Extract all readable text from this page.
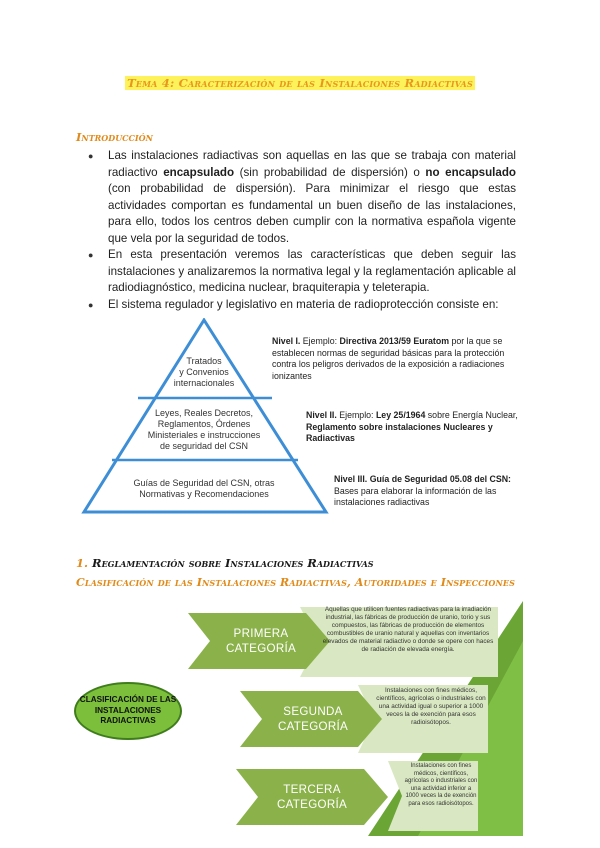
Tema 4: Caracterización de las Instalaciones Radiactivas
Introducción
● Las instalaciones radiactivas son aquellas en las que se trabaja con material radiactivo encapsulado (sin probabilidad de dispersión) o no encapsulado (con probabilidad de dispersión). Para minimizar el riesgo que estas actividades comportan es fundamental un buen diseño de las instalaciones, para ello, todos los centros deben cumplir con la normativa española vigente que vela por la seguridad de todos.
● En esta presentación veremos las características que deben seguir las instalaciones y analizaremos la normativa legal y la reglamentación aplicable al radiodiagnóstico, medicina nuclear, braquiterapia y teleterapia.
● El sistema regulador y legislativo en materia de radioprotección consiste en:
Tratados
y Convenios
internacionales
Leyes, Reales Decretos,
Reglamentos, Órdenes
Ministeriales e instrucciones
de seguridad del CSN
Guías de Seguridad del CSN, otras
Normativas y Recomendaciones
Nivel I. Ejemplo: Directiva 2013/59 Euratom por la que se establecen normas de seguridad básicas para la protección contra los peligros derivados de la exposición a radiaciones ionizantes
Nivel II. Ejemplo: Ley 25/1964 sobre Energía Nuclear, Reglamento sobre instalaciones Nucleares y Radiactivas
Nivel III. Guía de Seguridad 05.08 del CSN: Bases para elaborar la información de las instalaciones radiactivas
1. Reglamentación sobre Instalaciones Radiactivas
Clasificación de las Instalaciones Radiactivas, Autoridades e Inspecciones
CLASIFICACIÓN DE LAS INSTALACIONES RADIACTIVAS
PRIMERA
CATEGORÍA
SEGUNDA
CATEGORÍA
TERCERA
CATEGORÍA
Aquellas que utilicen fuentes radiactivas para la irradiación industrial, las fábricas de producción de uranio, torio y sus compuestos, las fábricas de producción de elementos combustibles de uranio natural y aquellas con inventarios elevados de material radiactivo o donde se opere con haces de radiación de elevada energía.
Instalaciones con fines médicos, científicos, agrícolas o industriales con una actividad igual o superior a 1000 veces la de exención para esos radioisótopos.
Instalaciones con fines médicos, científicos, agrícolas o industriales con una actividad inferior a 1000 veces la de exención para esos radioisótopos.
